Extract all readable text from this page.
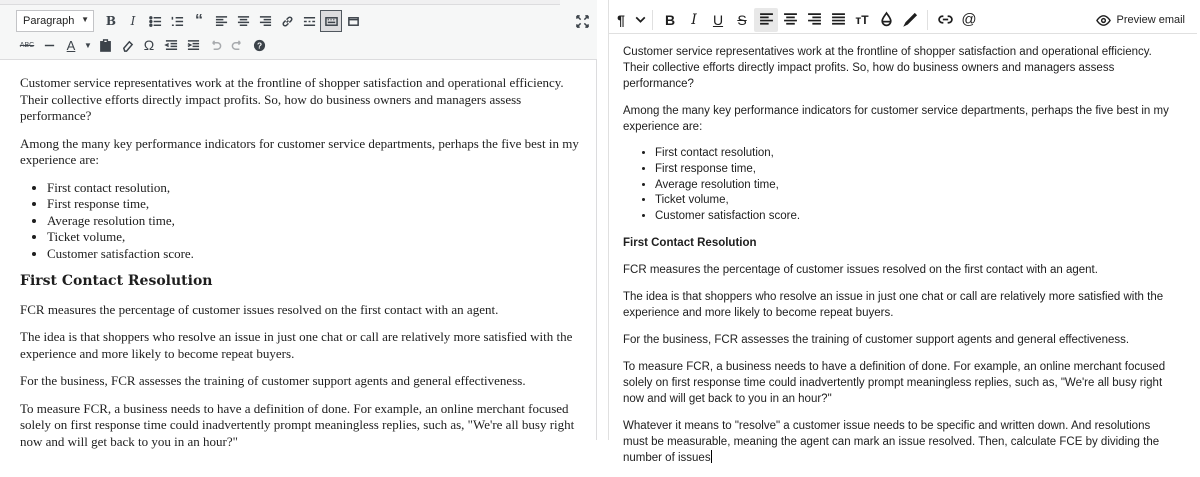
Paragraph ▼	B	I	“
ABC A ▼	Ω	?

Customer service representatives work at the frontline of shopper satisfaction and operational efficiency. Their collective efforts directly impact profits. So, how do business owners and managers assess performance?

Among the many key performance indicators for customer service departments, perhaps the five best in my experience are:

• First contact resolution,
• First response time,
• Average resolution time,
• Ticket volume,
• Customer satisfaction score.
First Contact Resolution

FCR measures the percentage of customer issues resolved on the first contact with an agent.

The idea is that shoppers who resolve an issue in just one chat or call are relatively more satisfied with the experience and more likely to become repeat buyers.

For the business, FCR assesses the training of customer support agents and general effectiveness.

To measure FCR, a business needs to have a definition of done. For example, an online merchant focused solely on first response time could inadvertently prompt meaningless replies, such as, "We're all busy right now and will get back to you in an hour?"

¶	B	I	U	S	тT	@	Preview email

Customer service representatives work at the frontline of shopper satisfaction and operational efficiency. Their collective efforts directly impact profits. So, how do business owners and managers assess performance?

Among the many key performance indicators for customer service departments, perhaps the five best in my experience are:

• First contact resolution,
• First response time,
• Average resolution time,
• Ticket volume,
• Customer satisfaction score.
First Contact Resolution

FCR measures the percentage of customer issues resolved on the first contact with an agent.

The idea is that shoppers who resolve an issue in just one chat or call are relatively more satisfied with the experience and more likely to become repeat buyers.

For the business, FCR assesses the training of customer support agents and general effectiveness.

To measure FCR, a business needs to have a definition of done. For example, an online merchant focused solely on first response time could inadvertently prompt meaningless replies, such as, "We're all busy right now and will get back to you in an hour?"

Whatever it means to "resolve" a customer issue needs to be specific and written down. And resolutions must be measurable, meaning the agent can mark an issue resolved. Then, calculate FCE by dividing the number of issues
